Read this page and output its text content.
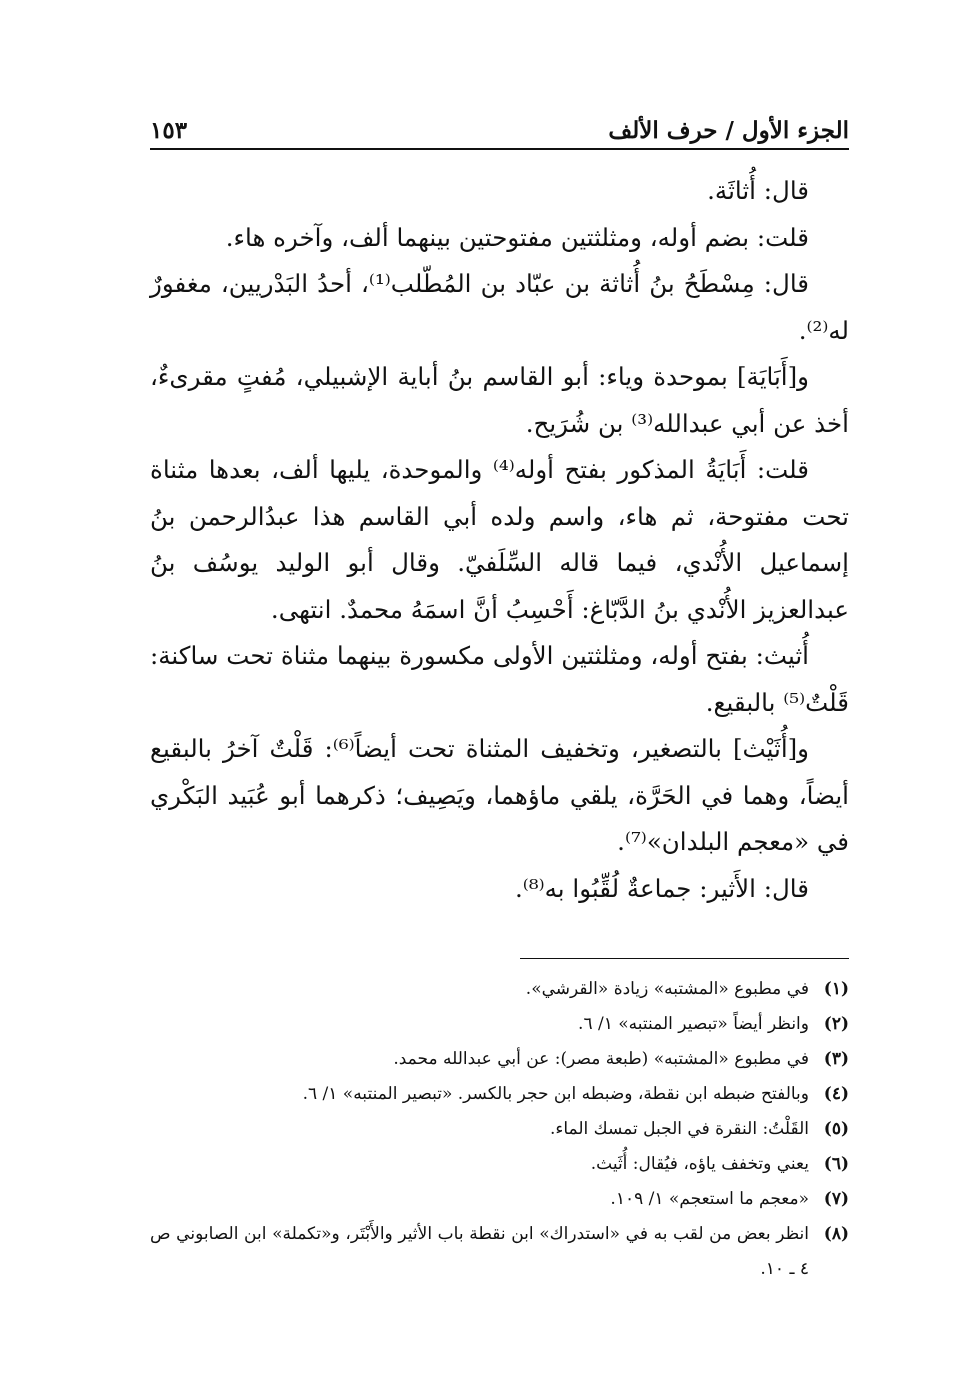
الجزء الأول / حرف الألف
١٥٣

قال: أُثاثَة.

قلت: بضم أوله، ومثلثتين مفتوحتين بينهما ألف، وآخره هاء.

قال: مِسْطَحُ بنُ أُثاثة بن عبّاد بن المُطّلب⁽¹⁾، أحدُ البَدْريين، مغفورٌ له⁽²⁾.

و[أَبَايَة] بموحدة وياء: أبو القاسم بنُ أباية الإشبيلي، مُفتٍ مقرىءٌ، أخذ عن أبي عبدالله⁽³⁾ بن شُرَيح.

قلت: أَبَايَةُ المذكور بفتح أوله⁽⁴⁾ والموحدة، يليها ألف، بعدها مثناة تحت مفتوحة، ثم هاء، واسم ولده أبي القاسم هذا عبدُالرحمن بنُ إسماعيل الأُنْدي، فيما قاله السِّلَفيّ. وقال أبو الوليد يوسُف بنُ عبدالعزيز الأُنْدي بنُ الدَّبّاغ: أَحْسِبُ أنَّ اسمَهُ محمدٌ. انتهى.

أُثيث: بفتح أوله، ومثلثتين الأولى مكسورة بينهما مثناة تحت ساكنة: قَلْتٌ⁽⁵⁾ بالبقيع.

و[أُثَيْث] بالتصغير، وتخفيف المثناة تحت أيضاً⁽⁶⁾: قَلْتٌ آخرُ بالبقيع أيضاً، وهما في الحَرَّة، يلقي ماؤهما، ويَصِيف؛ ذكرهما أبو عُبَيد البَكْري في «معجم البلدان»⁽⁷⁾.

قال: الأَثير: جماعةٌ لُقِّبُوا به⁽⁸⁾.

(١)
في مطبوع «المشتبه» زيادة «القرشي».
(٢)
وانظر أيضاً «تبصير المنتبه» ١/ ٦.
(٣)
في مطبوع «المشتبه» (طبعة مصر): عن أبي عبدالله محمد.
(٤)
وبالفتح ضبطه ابن نقطة، وضبطه ابن حجر بالكسر. «تبصير المنتبه» ١/ ٦.
(٥)
القَلْتُ: النقرة في الجبل تمسك الماء.
(٦)
يعني وتخفف ياؤه، فيُقال: أُثَيث.
(٧)
«معجم ما استعجم» ١/ ١٠٩.
(٨)
انظر بعض من لقب به في «استدراك» ابن نقطة باب الأثير والأَبْتَر، و«تكملة» ابن الصابوني ص ٤ ـ ١٠.
